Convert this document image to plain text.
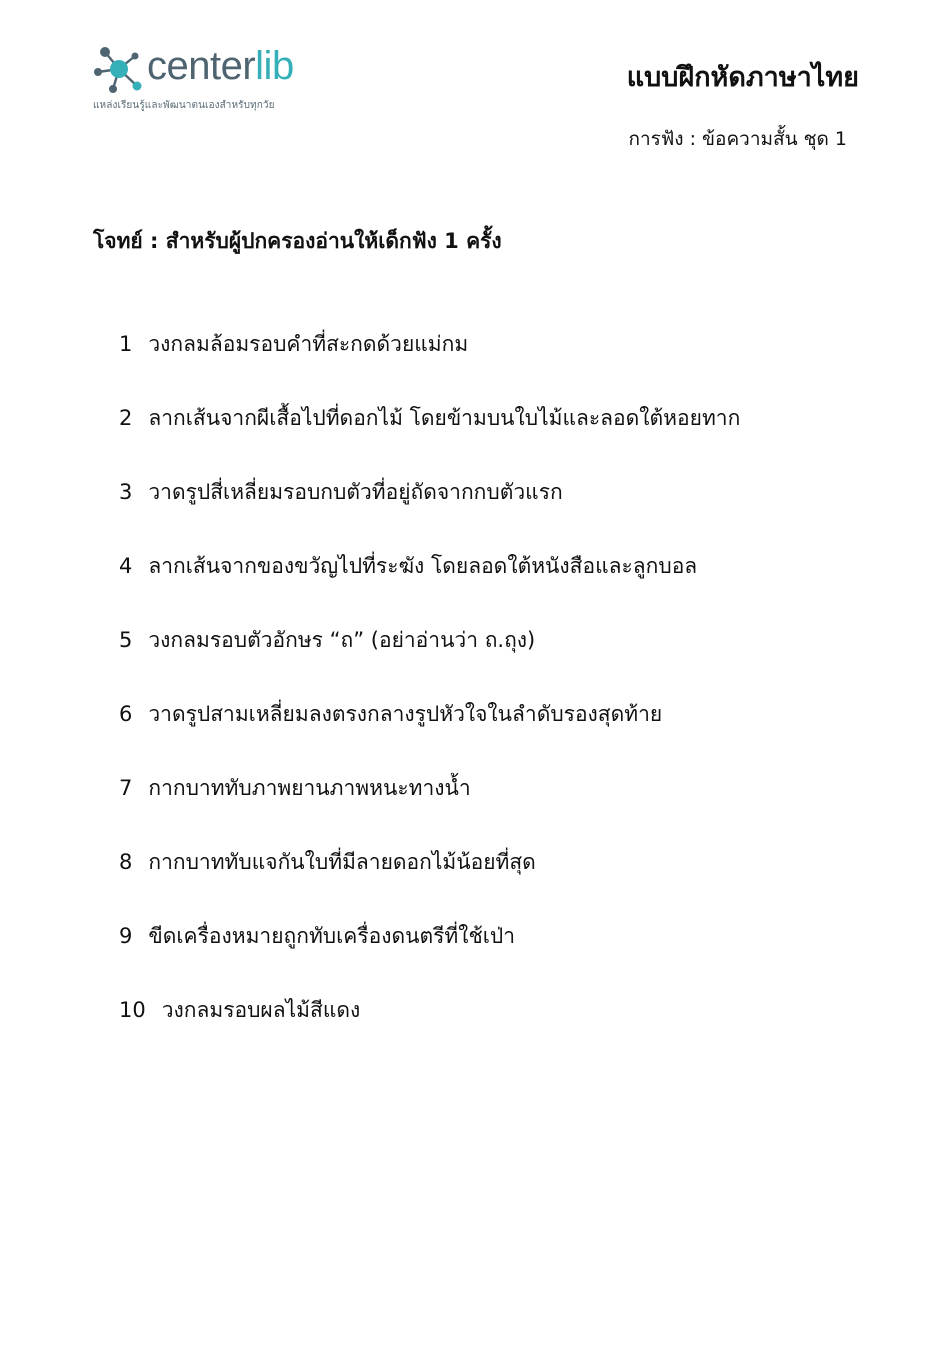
centerlib
แหล่งเรียนรู้และพัฒนาตนเองสำหรับทุกวัย
แบบฝึกหัดภาษาไทย
การฟัง : ข้อความสั้น ชุด 1
โจทย์ : สำหรับผู้ปกครองอ่านให้เด็กฟัง 1 ครั้ง
1 วงกลมล้อมรอบคำที่สะกดด้วยแม่กม
2 ลากเส้นจากผีเสื้อไปที่ดอกไม้ โดยข้ามบนใบไม้และลอดใต้หอยทาก
3 วาดรูปสี่เหลี่ยมรอบกบตัวที่อยู่ถัดจากกบตัวแรก
4 ลากเส้นจากของขวัญไปที่ระฆัง โดยลอดใต้หนังสือและลูกบอล
5 วงกลมรอบตัวอักษร “ถ” (อย่าอ่านว่า ถ.ถุง)
6 วาดรูปสามเหลี่ยมลงตรงกลางรูปหัวใจในลำดับรองสุดท้าย
7 กากบาททับภาพยานภาพหนะทางน้ำ
8 กากบาททับแจกันใบที่มีลายดอกไม้น้อยที่สุด
9 ขีดเครื่องหมายถูกทับเครื่องดนตรีที่ใช้เป่า
10 วงกลมรอบผลไม้สีแดง
